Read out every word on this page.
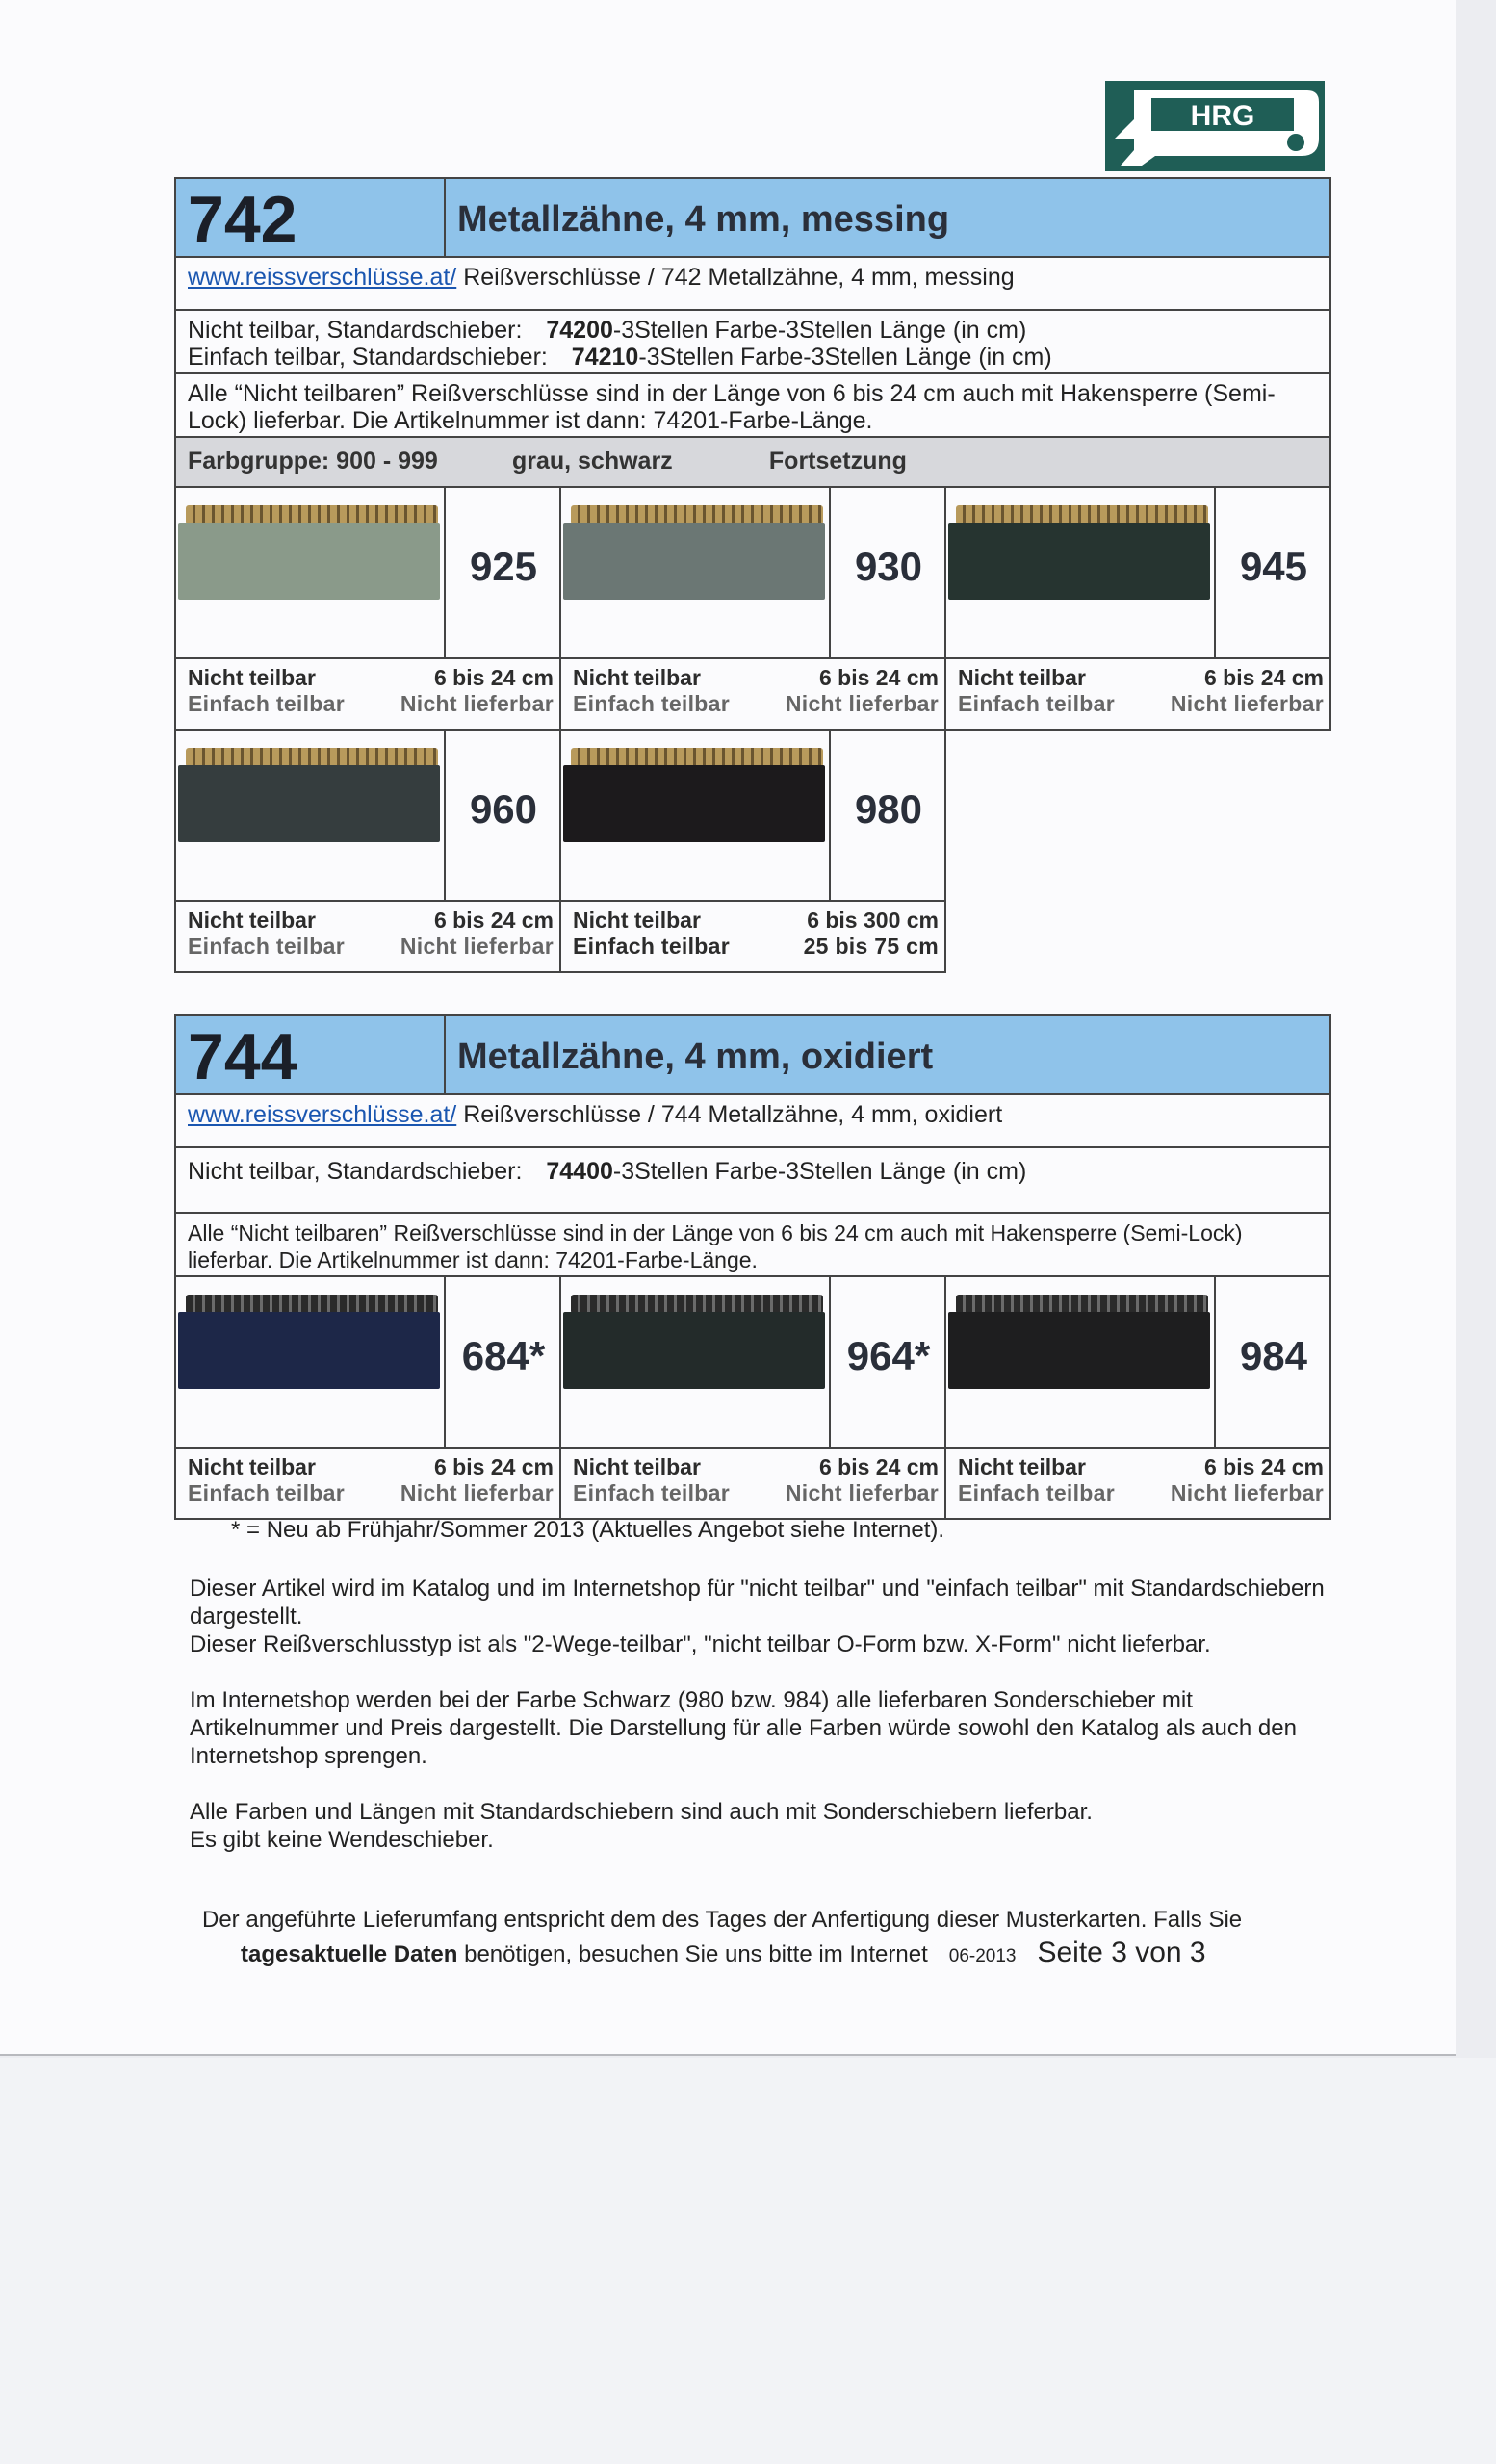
HRG
742	Metallzähne, 4 mm, messing
www.reissverschlüsse.at/ Reißverschlüsse / 742 Metallzähne, 4 mm, messing
Nicht teilbar, Standardschieber: 74200-3Stellen Farbe-3Stellen Länge (in cm)
Einfach teilbar, Standardschieber: 74210-3Stellen Farbe-3Stellen Länge (in cm)
Alle “Nicht teilbaren” Reißverschlüsse sind in der Länge von 6 bis 24 cm auch mit Hakensperre (Semi-Lock) lieferbar. Die Artikelnummer ist dann: 74201-Farbe-Länge.
Farbgruppe: 900 - 999	grau, schwarz	Fortsetzung
925
Nicht teilbar	6 bis 24 cm
Einfach teilbar	Nicht lieferbar
930
Nicht teilbar	6 bis 24 cm
Einfach teilbar	Nicht lieferbar
945
Nicht teilbar	6 bis 24 cm
Einfach teilbar	Nicht lieferbar
960
Nicht teilbar	6 bis 24 cm
Einfach teilbar	Nicht lieferbar
980
Nicht teilbar	6 bis 300 cm
Einfach teilbar	25 bis 75 cm
744	Metallzähne, 4 mm, oxidiert
www.reissverschlüsse.at/ Reißverschlüsse / 744 Metallzähne, 4 mm, oxidiert
Nicht teilbar, Standardschieber: 74400-3Stellen Farbe-3Stellen Länge (in cm)
Alle “Nicht teilbaren” Reißverschlüsse sind in der Länge von 6 bis 24 cm auch mit Hakensperre (Semi-Lock) lieferbar. Die Artikelnummer ist dann: 74201-Farbe-Länge.
684*
Nicht teilbar	6 bis 24 cm
Einfach teilbar	Nicht lieferbar
964*
Nicht teilbar	6 bis 24 cm
Einfach teilbar	Nicht lieferbar
984
Nicht teilbar	6 bis 24 cm
Einfach teilbar	Nicht lieferbar
* = Neu ab Frühjahr/Sommer 2013 (Aktuelles Angebot siehe Internet).
Dieser Artikel wird im Katalog und im Internetshop für "nicht teilbar" und "einfach teilbar" mit Standardschiebern dargestellt.
Dieser Reißverschlusstyp ist als "2-Wege-teilbar", "nicht teilbar O-Form bzw. X-Form" nicht lieferbar.
Im Internetshop werden bei der Farbe Schwarz (980 bzw. 984) alle lieferbaren Sonderschieber mit Artikelnummer und Preis dargestellt. Die Darstellung für alle Farben würde sowohl den Katalog als auch den Internetshop sprengen.
Alle Farben und Längen mit Standardschiebern sind auch mit Sonderschiebern lieferbar.
Es gibt keine Wendeschieber.
Der angeführte Lieferumfang entspricht dem des Tages der Anfertigung dieser Musterkarten. Falls Sie
tagesaktuelle Daten benötigen, besuchen Sie uns bitte im Internet 06-2013 Seite 3 von 3
